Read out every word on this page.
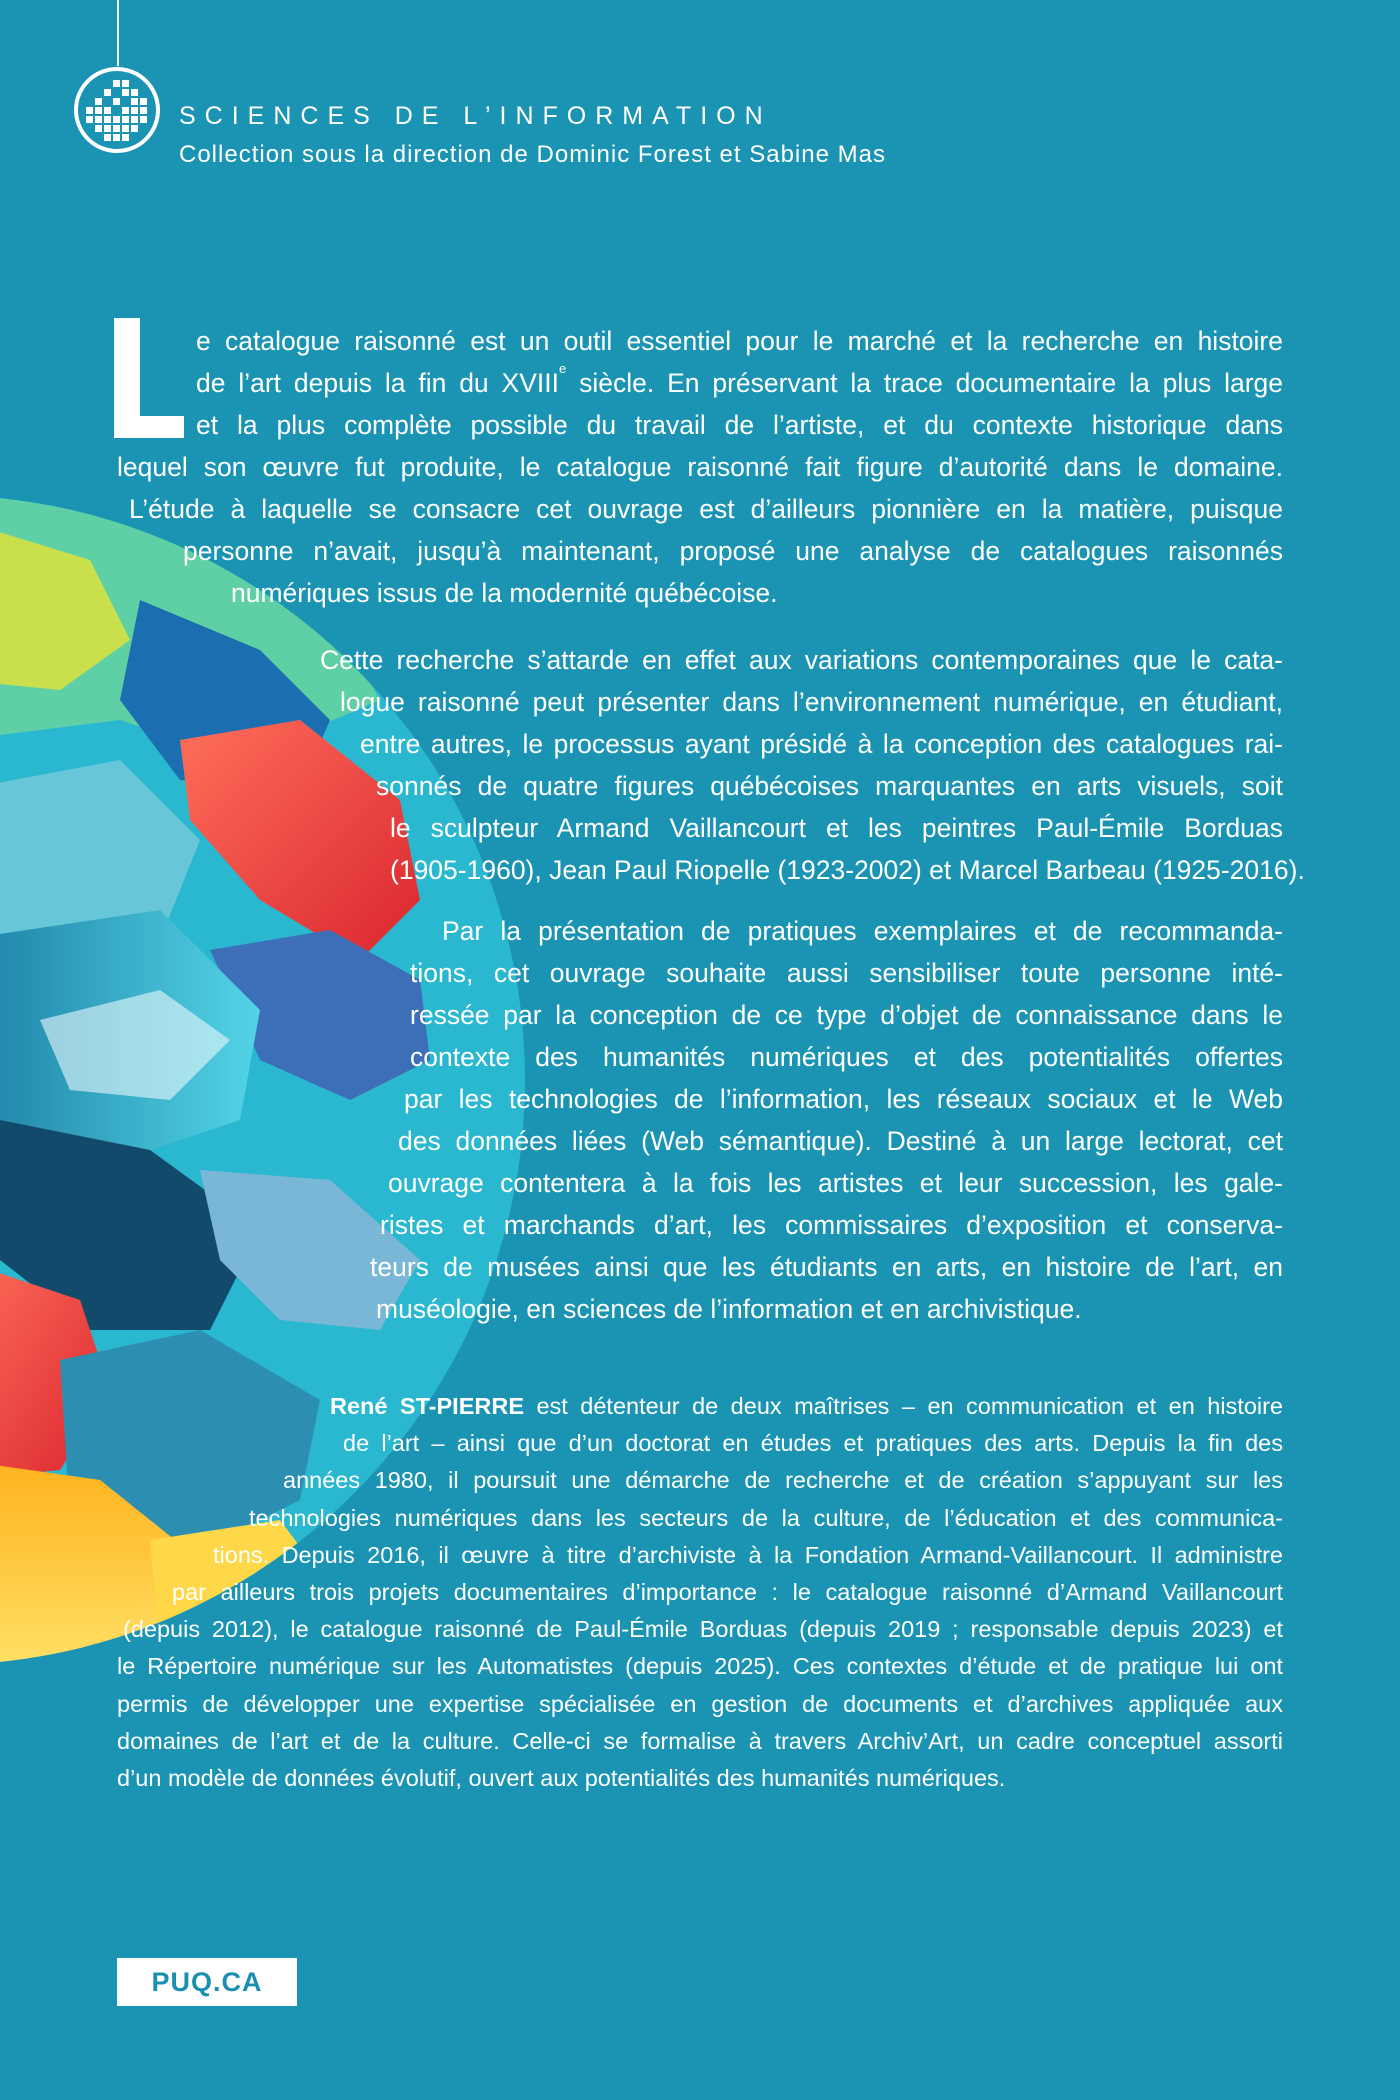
SCIENCES DE L’INFORMATION
Collection sous la direction de Dominic Forest et Sabine Mas
e catalogue raisonné est un outil essentiel pour le marché et la recherche en histoire
de l’art depuis la fin du XVIIIe siècle. En préservant la trace documentaire la plus large
et la plus complète possible du travail de l’artiste, et du contexte historique dans
lequel son œuvre fut produite, le catalogue raisonné fait figure d’autorité dans le domaine.
L’étude à laquelle se consacre cet ouvrage est d’ailleurs pionnière en la matière, puisque
personne n’avait, jusqu’à maintenant, proposé une analyse de catalogues raisonnés
numériques issus de la modernité québécoise.
Cette recherche s’attarde en effet aux variations contemporaines que le cata-
logue raisonné peut présenter dans l’environnement numérique, en étudiant,
entre autres, le processus ayant présidé à la conception des catalogues rai-
sonnés de quatre figures québécoises marquantes en arts visuels, soit
le sculpteur Armand Vaillancourt et les peintres Paul-Émile Borduas
(1905-1960), Jean Paul Riopelle (1923-2002) et Marcel Barbeau (1925-2016).
Par la présentation de pratiques exemplaires et de recommanda-
tions, cet ouvrage souhaite aussi sensibiliser toute personne inté-
ressée par la conception de ce type d’objet de connaissance dans le
contexte des humanités numériques et des potentialités offertes
par les technologies de l’information, les réseaux sociaux et le Web
des données liées (Web sémantique). Destiné à un large lectorat, cet
ouvrage contentera à la fois les artistes et leur succession, les gale-
ristes et marchands d’art, les commissaires d’exposition et conserva-
teurs de musées ainsi que les étudiants en arts, en histoire de l’art, en
muséologie, en sciences de l’information et en archivistique.
René ST-PIERRE est détenteur de deux maîtrises – en communication et en histoire
de l’art – ainsi que d’un doctorat en études et pratiques des arts. Depuis la fin des
années 1980, il poursuit une démarche de recherche et de création s’appuyant sur les
technologies numériques dans les secteurs de la culture, de l’éducation et des communica-
tions. Depuis 2016, il œuvre à titre d’archiviste à la Fondation Armand-Vaillancourt. Il administre
par ailleurs trois projets documentaires d’importance : le catalogue raisonné d’Armand Vaillancourt
(depuis 2012), le catalogue raisonné de Paul-Émile Borduas (depuis 2019 ; responsable depuis 2023) et
le Répertoire numérique sur les Automatistes (depuis 2025). Ces contextes d’étude et de pratique lui ont
permis de développer une expertise spécialisée en gestion de documents et d’archives appliquée aux
domaines de l’art et de la culture. Celle-ci se formalise à travers Archiv’Art, un cadre conceptuel assorti
d’un modèle de données évolutif, ouvert aux potentialités des humanités numériques.
PUQ.CA
